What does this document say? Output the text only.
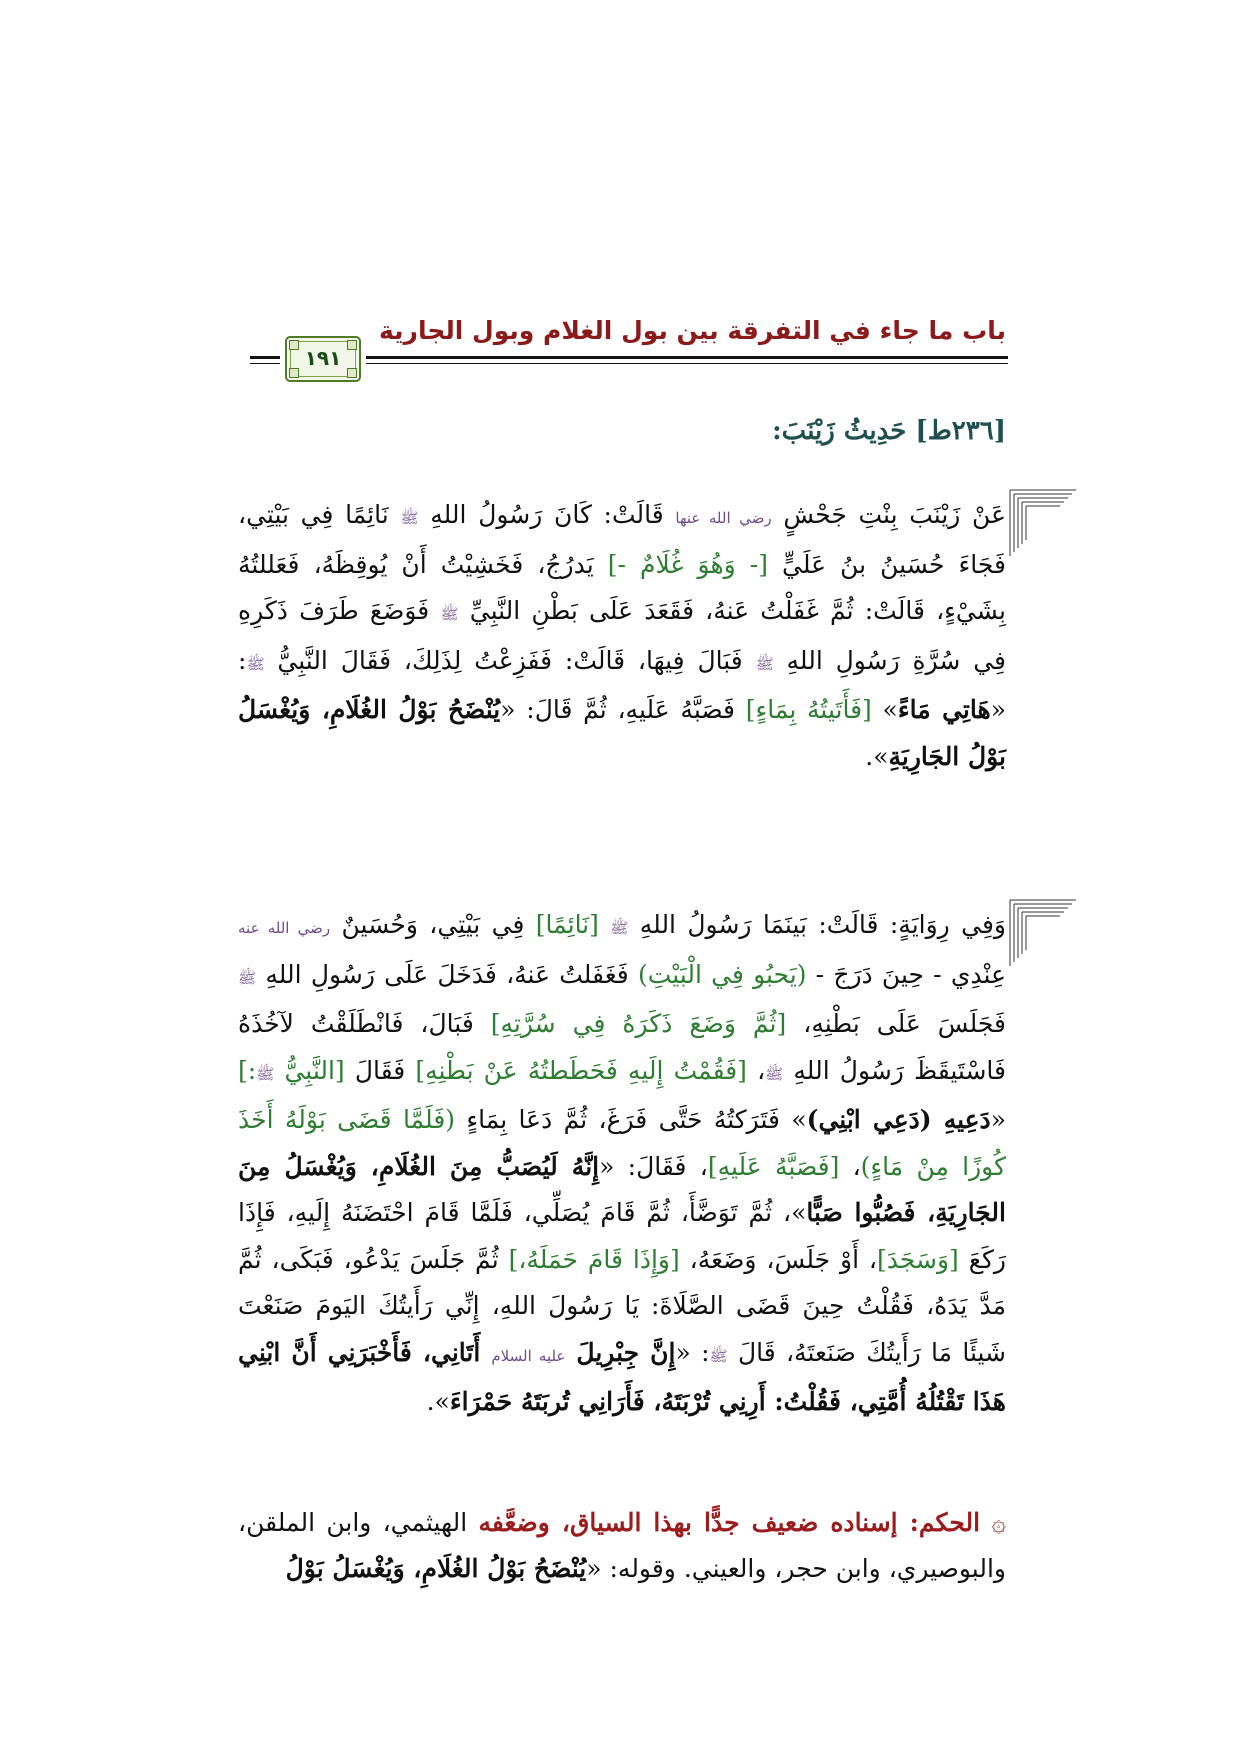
باب ما جاء في التفرقة بين بول الغلام وبول الجارية
١٩١
[٢٣٦ط] حَدِيثُ زَيْنَبَ:
عَنْ زَيْنَبَ بِنْتِ جَحْشٍ رضي الله عنها قَالَتْ: كَانَ رَسُولُ اللهِ ﷺ نَائِمًا فِي بَيْتِي، فَجَاءَ حُسَينُ بنُ عَلَيٍّ [- وَهُوَ غُلَامٌ -] يَدرُجُ، فَخَشِيْتُ أَنْ يُوقِظَهُ، فَعَللتُهُ بِشَيْءٍ، قَالَتْ: ثُمَّ غَفَلْتُ عَنهُ، فَقَعَدَ عَلَى بَطْنِ النَّبِيِّ ﷺ فَوَضَعَ طَرَفَ ذَكَرِهِ فِي سُرَّةِ رَسُولِ اللهِ ﷺ فَبَالَ فِيهَا، قَالَتْ: فَفَزِعْتُ لِذَلِكَ، فَقَالَ النَّبِيُّ ﷺ: «هَاتِي مَاءً» [فَأَتَيتُهُ بِمَاءٍ] فَصَبَّهُ عَلَيهِ، ثُمَّ قَالَ: «يُنْضَحُ بَوْلُ الغُلَامِ، وَيُغْسَلُ بَوْلُ الجَارِيَةِ».
وَفِي رِوَايَةٍ: قَالَتْ: بَينَمَا رَسُولُ اللهِ ﷺ [نَائِمًا] فِي بَيْتِي، وَحُسَينٌ رضي الله عنه عِنْدِي - حِينَ دَرَجَ - (يَحبُو فِي الْبَيْتِ) فَغَفَلتُ عَنهُ، فَدَخَلَ عَلَى رَسُولِ اللهِ ﷺ فَجَلَسَ عَلَى بَطْنِهِ، [ثُمَّ وَضَعَ ذَكَرَهُ فِي سُرَّتِهِ] فَبَالَ، فَانْطَلَقْتُ لآخُذَهُ فَاسْتَيقَظَ رَسُولُ اللهِ ﷺ، [فَقُمْتُ إِلَيهِ فَحَطَطتُهُ عَنْ بَطْنِهِ] فَقَالَ [النَّبِيُّ ﷺ:] «دَعِيهِ (دَعِي ابْنِي)» فَتَرَكتُهُ حَتَّى فَرَغَ، ثُمَّ دَعَا بِمَاءٍ (فَلَمَّا قَضَى بَوْلَهُ أَخَذَ كُوزًا مِنْ مَاءٍ)، [فَصَبَّهُ عَلَيهِ]، فَقَالَ: «إِنَّهُ لَيُصَبُّ مِنَ الغُلَامِ، وَيُغْسَلُ مِنَ الجَارِيَةِ، فَصُبُّوا صَبًّا»، ثُمَّ تَوَضَّأَ، ثُمَّ قَامَ يُصَلِّي، فَلَمَّا قَامَ احْتَضَنَهُ إِلَيهِ، فَإِذَا رَكَعَ [وَسَجَدَ]، أَوْ جَلَسَ، وَضَعَهُ، [وَإِذَا قَامَ حَمَلَهُ،] ثُمَّ جَلَسَ يَدْعُو، فَبَكَى، ثُمَّ مَدَّ يَدَهُ، فَقُلْتُ حِينَ قَضَى الصَّلَاةَ: يَا رَسُولَ اللهِ، إِنِّي رَأَيتُكَ اليَومَ صَنَعْتَ شَيئًا مَا رَأَيتُكَ صَنَعتَهُ، قَالَ ﷺ: «إِنَّ جِبْرِيلَ عليه السلام أَتَانِي، فَأَخْبَرَنِي أَنَّ ابْنِي هَذَا تَقْتُلُهُ أُمَّتِي، فَقُلْتُ: أَرِنِي تُرْبَتَهُ، فَأَرَانِي تُربَتَهُ حَمْرَاءَ».
۞ الحكم: إسناده ضعيف جدًّا بهذا السياق، وضعَّفه الهيثمي، وابن الملقن، والبوصيري، وابن حجر، والعيني. وقوله: «يُنْضَحُ بَوْلُ الغُلَامِ، وَيُغْسَلُ بَوْلُ
